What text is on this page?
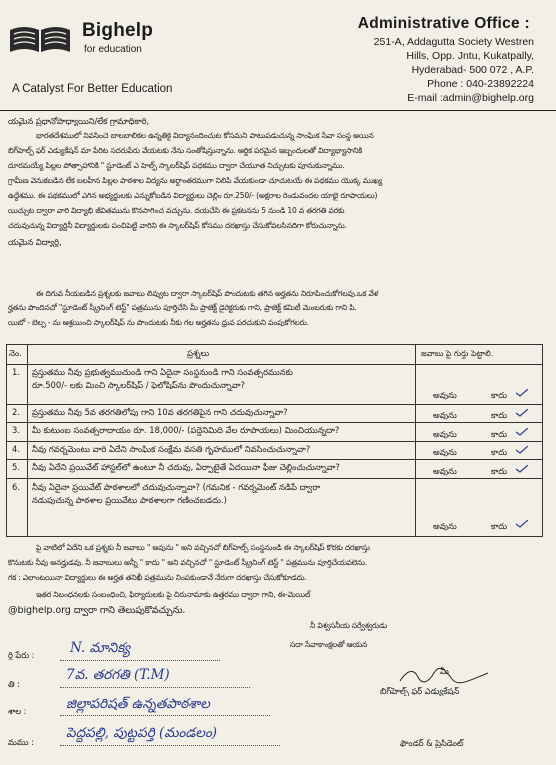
Bighelp
for education
A Catalyst For Better Education
Administrative Office :
251-A, Addagutta Society Westren
Hills, Opp. Jntu, Kukatpally,
Hyderabad- 500 072 , A.P.
Phone : 040-23892224
E-mail :admin@bighelp.org
యమైన ప్రధానోపాధ్యాయిని/లేక గ్రామాధికారి,
భారతదేశములో నివసించె బాలబాలికల ఉన్నతికై విద్యానందించుట కోసమని పాటుపడుచున్న సాంఘిక సేవా సంస్థ అయిన
బిగ్‌హెల్ప్ ఫర్ ఎడ్యుకేషన్ మా పేరిట సదరుపేరు వేయటకు నేను సంతోషిస్తున్నాను. ఆర్థిక పరమైన ఇబ్బందులతో విద్యాభ్యాసానికి
దూరమయ్యే పిల్లల పోత్సాహానికి " స్టూడెంట్ ఎ హెల్ప్ స్కాలర్‌షిప్ పధకము ద్వారా చేయూత నిచ్చుటకు పూనుకున్నాము.
గ్రామీణ వెనుకబడిన లేక బలహీన పిల్లల పాఠశాల విద్యను అర్ధాంతరముగా నిలిపి వేయకుండా చూచుటయే ఈ పథకము యొక్క ముఖ్య
ఉద్దేశము. ఈ పథకములో ఎగిన అభ్యర్థులకు ఎన్నుకోబడిన విద్యార్థులు చెల్లిం రూ.250/- (అక్షరాల రెండువందల యాభై రూపాయలు)
యిచ్చుట ద్వారా వారి విద్యాభి జీవితమును కొనసాగించ వచ్చును. దయచేసి ఈ ప్రకటనను 5 నుండి 10 వ తరగతి వరకు
చదువుచున్న విద్యార్థినీ విద్యార్థులకు పంచిపెట్టి వారిని ఈ స్కాలర్‌షిప్ కోసము దరఖాస్తు చేసుకోవలసినదిగా కోరుచున్నాను.
యమైన విద్యార్థి,
ఈ దిగువ నీయబడిన ప్రశ్నలకు జవాబు లివ్వుట ద్వారా స్కాలర్‌షిప్ పొందుటకు తగిన అర్హతను నిరూపించుకోగలవు.ఒక వేళ
ర్హతను పొందినచో "స్టూడెంట్ స్క్రీనింగ్ టెస్ట్" పత్రమును పూర్తిచేసి మీ ప్రాజెక్ట్ డైరెక్టరుకు గాని, ప్రాజెక్ట్ కమిటీ మెంబరుకు గాని పి.
యిబో - బెల్ప - ను ఆశ్రయించి స్కాలర్‌షిప్ ను పొందుటకు నీకు గల అర్హతను ధ్రువ పరచుకుని పంపుకోగలరు.
నెం.	ప్రశ్నలు	జవాబు పై గుర్తు పెట్టాలి.
1. ప్రస్తుతము నీవు ప్రభుత్వముచుండి గాని ఏదైనా సంస్థనుండి గాని సంవత్సరమునకు
రూ.500/- లకు మించి స్కాలర్‌షిప్ / ఫెలోషిప్‌ను పొందుచున్నావా?
అవును	కాదు
2. ప్రస్తుతము నీవు 5వ తరగతిలోపు గాని 10వ తరగతిపైన గాని చదువుచున్నావా?	అవును	కాదు
3. మీ కుటుంబ సంవత్సరాదాయం రూ. 18,000/- (పద్దెనిమిది వేల రూపాయలు) మించియున్నదా?	అవును	కాదు
4. నీవు గవర్నమెంటు వారి ఏదేని సాంఘిక సంక్షేమ వసతి గృహములో నివసించుచున్నావా?	అవును	కాదు
5. నీవు ఏదేని ప్రయివేట్ హాస్టల్‌లో ఉంటూ నీ చదువు, ఏర్పాటైతే ఏదయినా ఫీజు చెల్లించుచున్నావా?	అవును	కాదు
6. నీవు ఏదైనా ప్రయివేట్ పాఠశాలలో చదువుచున్నావా? (గమనిక - గవర్నమెంట్ నడిపే ద్వారా
నడుపుచున్న పాఠశాల ప్రయివేటు పాఠశాలగా గణించబడదు.)
అవును	కాదు
పై వాటిలో ఏదేని ఒక ప్రశ్నకు నీ జవాబు " అవును " అని వచ్చినచో బిగ్‌హెల్ప్ సంస్థనుండి ఈ స్కాలర్‌షిప్ కొరకు దరఖాస్తు
కొనుటకు నీవు అనర్హుడవు. నీ జవాబులు అన్నీ " కాదు " అని వచ్చినచో " స్టూడెంట్ స్క్రీనింగ్ టెస్ట్ " పత్రమును పూర్తిచేయవలెను.
గక : ఎలాంటయినా విద్యార్థులు ఈ అర్హత తనిఖీ పత్రమును నింపకుండానే నేరుగా దరఖాస్తు చేసుకోకూడదు.
ఇతర నిబంధనలకు సంబంధించి, ఫిర్యాదులకు పై చిరునామాకు ఉత్తరము ద్వారా గాని, ఈ-మెయిల్
@bighelp.org ద్వారా గాని తెలుపుకోవచ్చును.
నీ విశ్వసనీయ సర్వేశ్వరుడు
సదా సేవాకాంక్షలతో ఆయన
ర్థి పేరు :	N. మానిక్య
తి :
7వ. తరగతి (T.M)
శాల :	జిల్లాపరిషత్ ఉన్నతపాఠశాల
మము :
పెద్దపల్లి, పుట్టపర్తి (మండలం)
మీ
బిగ్‌హెల్ప్ ఫర్ ఎడ్యుకేషన్
ఫౌండర్ & ప్రెసిడెంట్
